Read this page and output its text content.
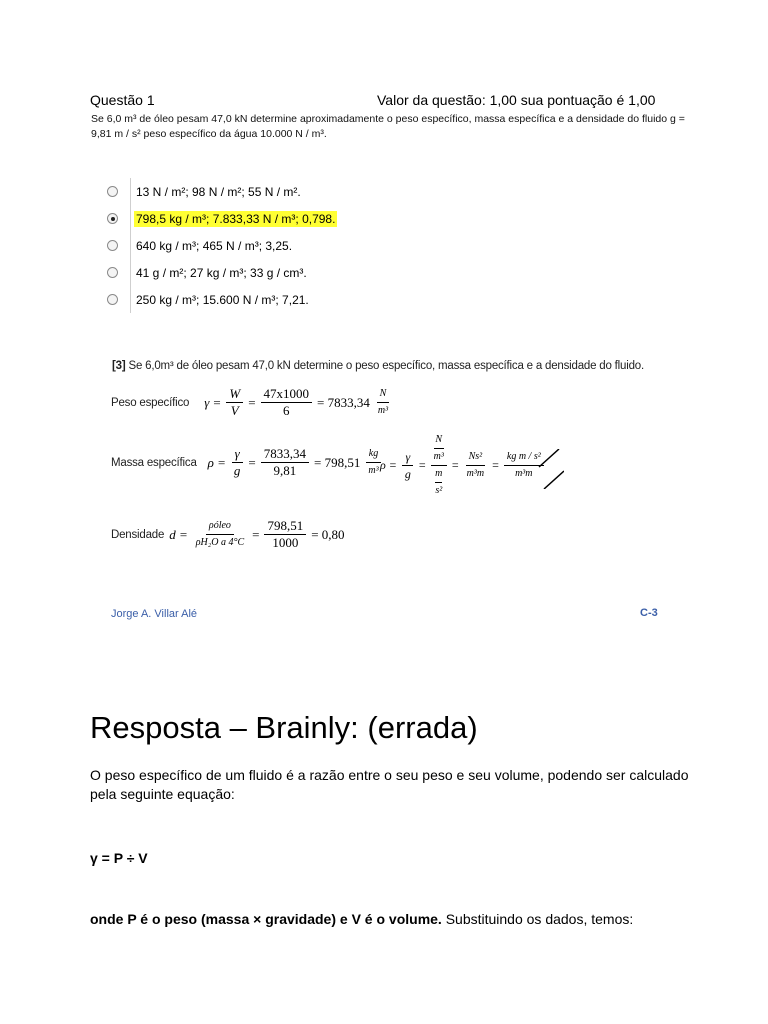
Questão 1	Valor da questão: 1,00 sua pontuação é 1,00
Se 6,0 m³ de óleo pesam 47,0 kN determine aproximadamente o peso específico, massa específica e a densidade do fluido g = 9,81 m / s² peso específico da água 10.000 N / m³.
13 N / m²; 98 N / m²; 55 N / m².
798,5 kg / m³; 7.833,33 N / m³; 0,798.
640 kg / m³; 465 N / m³; 3,25.
41 g / m²; 27 kg / m³; 33 g / cm³.
250 kg / m³; 15.600 N / m³; 7,21.
[3] Se 6,0m³ de óleo pesam 47,0 kN determine o peso específico, massa específica e a densidade do fluido.
Peso específico $\gamma = \frac{W}{V} = \frac{47x1000}{6} = 7833,34 \frac{N}{\text{m³}}$
Massa específica $\rho = \frac{\gamma}{g} = \frac{7833,34}{9,81} = 798,51 \frac{kg}{\text{m³}}$
$\rho = \frac{\gamma}{g} = N$
m³
m
$s^2 = \frac{\text{Ns²}}{\text{m³m}} = \frac{\text{kg m / s²}}{\text{m³m}}$
Densidade $d = \frac{\text{ρóleo}}{\text{ρH₂O a 4°C}} = \frac{798,51}{1000} = 0,80$
Jorge A. Villar Alé	C-3
Resposta – Brainly: (errada)
O peso específico de um fluido é a razão entre o seu peso e seu volume, podendo ser calculado pela seguinte equação:
γ = P ÷ V
onde P é o peso (massa × gravidade) e V é o volume. Substituindo os dados, temos:
